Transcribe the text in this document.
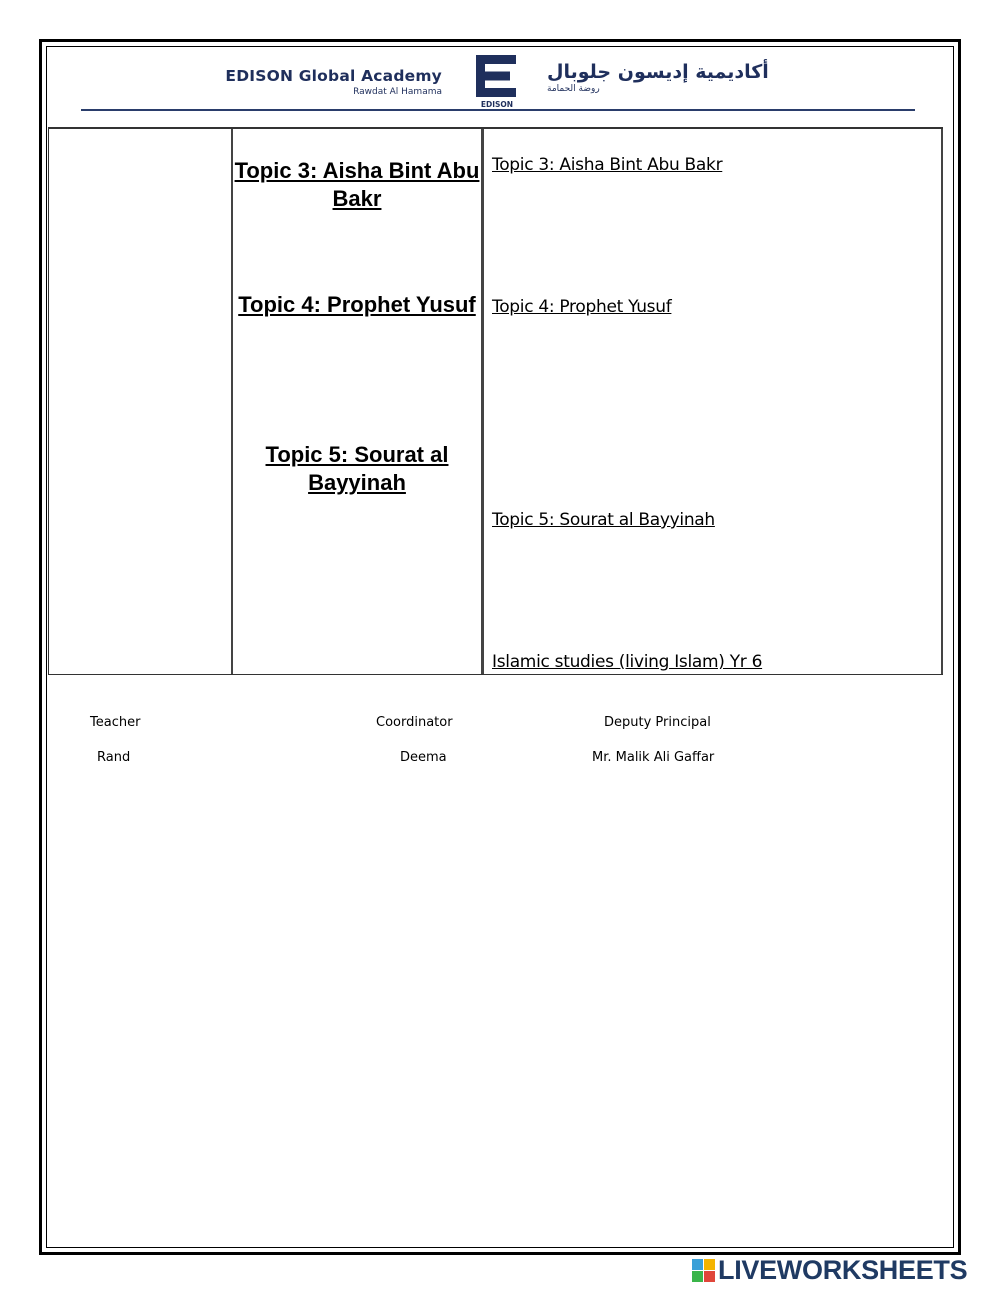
EDISON Global Academy
Rawdat Al Hamama
EDISON
أكاديمية إديسون جلوبال
روضة الحمامة
Topic 3: Aisha Bint Abu Bakr
Topic 4: Prophet Yusuf
Topic 5: Sourat al Bayyinah
Topic 3: Aisha Bint Abu Bakr
Topic 4: Prophet Yusuf
Topic 5: Sourat al Bayyinah
Islamic studies (living Islam) Yr 6
Teacher
Rand
Coordinator
Deema
Deputy Principal
Mr. Malik Ali Gaffar
LIVEWORKSHEETS
